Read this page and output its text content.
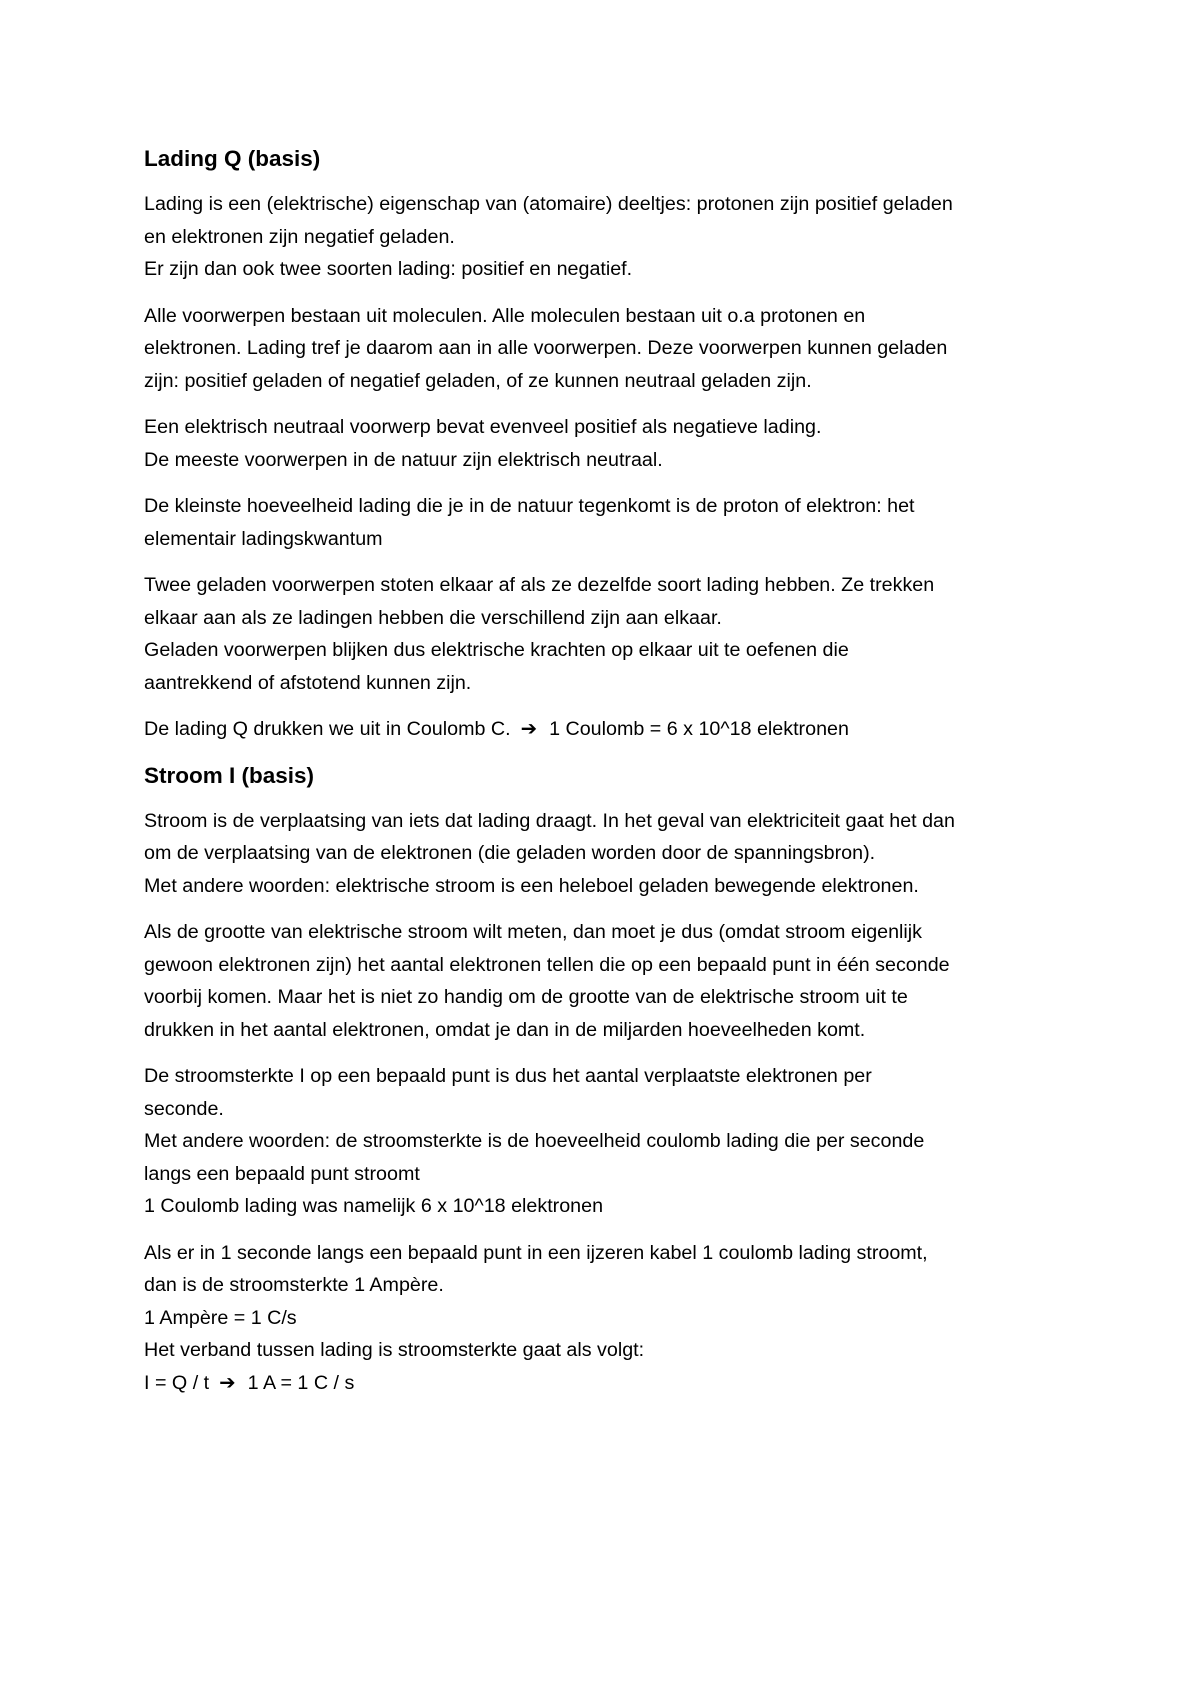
Lading Q (basis)

Lading is een (elektrische) eigenschap van (atomaire) deeltjes: protonen zijn positief geladen
en elektronen zijn negatief geladen.
Er zijn dan ook twee soorten lading: positief en negatief.

Alle voorwerpen bestaan uit moleculen. Alle moleculen bestaan uit o.a protonen en
elektronen. Lading tref je daarom aan in alle voorwerpen. Deze voorwerpen kunnen geladen
zijn: positief geladen of negatief geladen, of ze kunnen neutraal geladen zijn.

Een elektrisch neutraal voorwerp bevat evenveel positief als negatieve lading.
De meeste voorwerpen in de natuur zijn elektrisch neutraal.

De kleinste hoeveelheid lading die je in de natuur tegenkomt is de proton of elektron: het
elementair ladingskwantum

Twee geladen voorwerpen stoten elkaar af als ze dezelfde soort lading hebben. Ze trekken
elkaar aan als ze ladingen hebben die verschillend zijn aan elkaar.
Geladen voorwerpen blijken dus elektrische krachten op elkaar uit te oefenen die
aantrekkend of afstotend kunnen zijn.

De lading Q drukken we uit in Coulomb C. ➔ 1 Coulomb = 6 x 10^18 elektronen

Stroom I (basis)

Stroom is de verplaatsing van iets dat lading draagt. In het geval van elektriciteit gaat het dan
om de verplaatsing van de elektronen (die geladen worden door de spanningsbron).
Met andere woorden: elektrische stroom is een heleboel geladen bewegende elektronen.

Als de grootte van elektrische stroom wilt meten, dan moet je dus (omdat stroom eigenlijk
gewoon elektronen zijn) het aantal elektronen tellen die op een bepaald punt in één seconde
voorbij komen. Maar het is niet zo handig om de grootte van de elektrische stroom uit te
drukken in het aantal elektronen, omdat je dan in de miljarden hoeveelheden komt.

De stroomsterkte I op een bepaald punt is dus het aantal verplaatste elektronen per
seconde.
Met andere woorden: de stroomsterkte is de hoeveelheid coulomb lading die per seconde
langs een bepaald punt stroomt
1 Coulomb lading was namelijk 6 x 10^18 elektronen

Als er in 1 seconde langs een bepaald punt in een ijzeren kabel 1 coulomb lading stroomt,
dan is de stroomsterkte 1 Ampère.
1 Ampère = 1 C/s
Het verband tussen lading is stroomsterkte gaat als volgt:
I = Q / t ➔ 1 A = 1 C / s
